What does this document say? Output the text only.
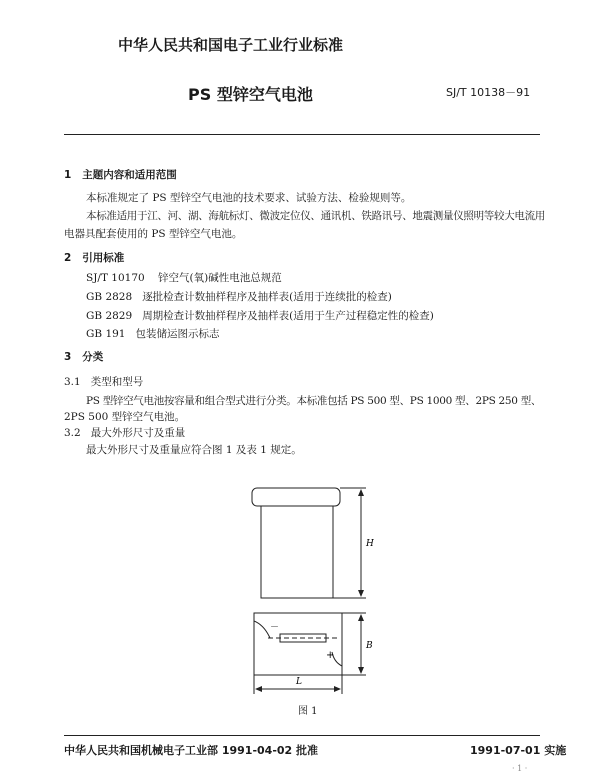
中华人民共和国电子工业行业标准
PS 型锌空气电池	SJ/T 10138－91
1 主题内容和适用范围
本标准规定了 PS 型锌空气电池的技术要求、试验方法、检验规则等。
本标准适用于江、河、湖、海航标灯、微波定位仪、通讯机、铁路讯号、地震测量仪照明等较大电流用
电器具配套使用的 PS 型锌空气电池。
2 引用标准
SJ/T 10170 锌空气(氧)碱性电池总规范
GB 2828 逐批检查计数抽样程序及抽样表(适用于连续批的检查)
GB 2829 周期检查计数抽样程序及抽样表(适用于生产过程稳定性的检查)
GB 191 包装储运图示标志
3 分类
3.1 类型和型号
PS 型锌空气电池按容量和组合型式进行分类。本标准包括 PS 500 型、PS 1000 型、2PS 250 型、
2PS 500 型锌空气电池。
3.2 最大外形尺寸及重量
最大外形尺寸及重量应符合图 1 及表 1 规定。
H
B
L
－
+
图 1
中华人民共和国机械电子工业部 1991-04-02 批准	1991-07-01 实施
· 1 ·
